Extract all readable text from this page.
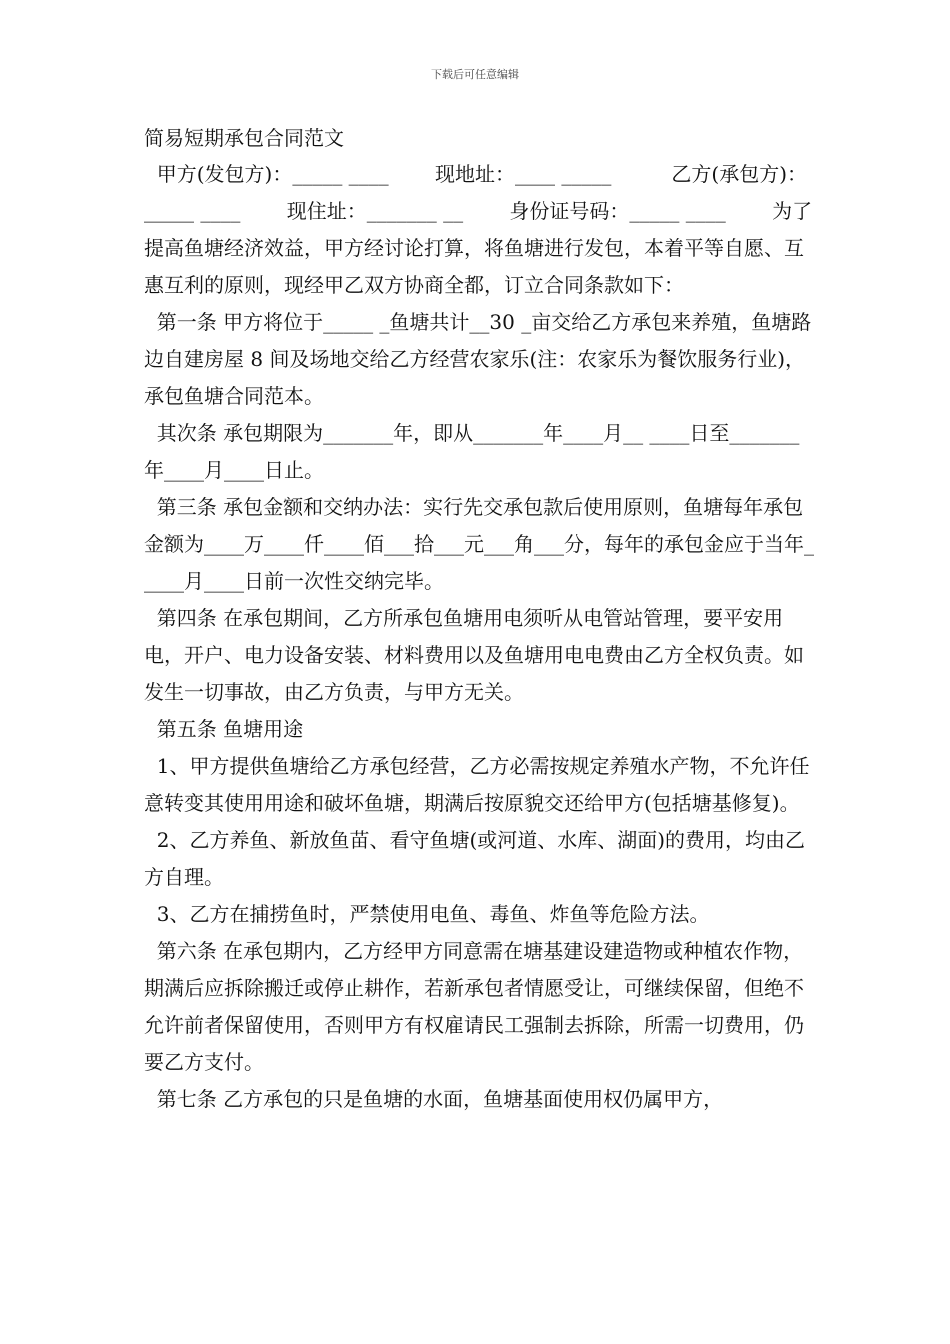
下载后可任意编辑

简易短期承包合同范文

甲方(发包方)：_____ ____　　 现地址：____ _____　　　乙方(承包方)：_____ ____　　 现住址：_______ __　　 身份证号码：_____ ____　　 为了提高鱼塘经济效益，甲方经讨论打算，将鱼塘进行发包，本着平等自愿、互惠互利的原则，现经甲乙双方协商全都，订立合同条款如下：

第一条 甲方将位于_____ _鱼塘共计__30 _亩交给乙方承包来养殖，鱼塘路边自建房屋 8 间及场地交给乙方经营农家乐(注：农家乐为餐饮服务行业)，承包鱼塘合同范本。

其次条 承包期限为_______年，即从_______年____月__ ____日至_______年____月____日止。

第三条 承包金额和交纳办法：实行先交承包款后使用原则，鱼塘每年承包金额为____万____仟____佰___拾___元___角___分，每年的承包金应于当年_ ____月____日前一次性交纳完毕。

第四条 在承包期间，乙方所承包鱼塘用电须听从电管站管理，要平安用电，开户、电力设备安装、材料费用以及鱼塘用电电费由乙方全权负责。如发生一切事故，由乙方负责，与甲方无关。

第五条 鱼塘用途

1、甲方提供鱼塘给乙方承包经营，乙方必需按规定养殖水产物，不允许任意转变其使用用途和破坏鱼塘，期满后按原貌交还给甲方(包括塘基修复)。

2、乙方养鱼、新放鱼苗、看守鱼塘(或河道、水库、湖面)的费用，均由乙方自理。

3、乙方在捕捞鱼时，严禁使用电鱼、毒鱼、炸鱼等危险方法。

第六条 在承包期内，乙方经甲方同意需在塘基建设建造物或种植农作物，期满后应拆除搬迁或停止耕作，若新承包者情愿受让，可继续保留，但绝不允许前者保留使用，否则甲方有权雇请民工强制去拆除，所需一切费用，仍要乙方支付。

第七条 乙方承包的只是鱼塘的水面，鱼塘基面使用权仍属甲方，
